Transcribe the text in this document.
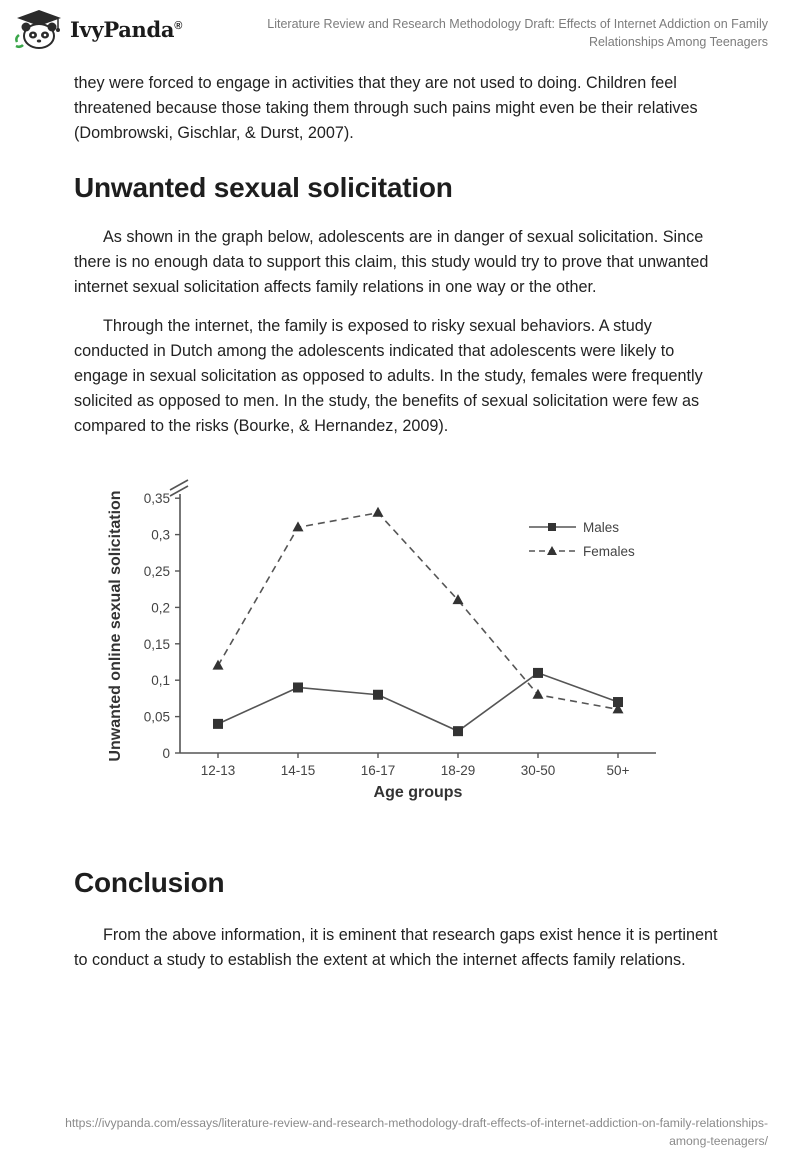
IvyPanda®	Literature Review and Research Methodology Draft: Effects of Internet Addiction on Family Relationships Among Teenagers

they were forced to engage in activities that they are not used to doing. Children feel threatened because those taking them through such pains might even be their relatives (Dombrowski, Gischlar, & Durst, 2007).

Unwanted sexual solicitation

As shown in the graph below, adolescents are in danger of sexual solicitation. Since there is no enough data to support this claim, this study would try to prove that unwanted internet sexual solicitation affects family relations in one way or the other.

Through the internet, the family is exposed to risky sexual behaviors. A study conducted in Dutch among the adolescents indicated that adolescents were likely to engage in sexual solicitation as opposed to adults. In the study, females were frequently solicited as opposed to men. In the study, the benefits of sexual solicitation were few as compared to the risks (Bourke, & Hernandez, 2009).

Conclusion

From the above information, it is eminent that research gaps exist hence it is pertinent to conduct a study to establish the extent at which the internet affects family relations.

Unwanted online sexual solicitation
Age groups
Males
Females
0
0,05
0,1
0,15
0,2
0,25
0,3
0,35
12-13	14-15	16-17	18-29	30-50	50+
https://ivypanda.com/essays/literature-review-and-research-methodology-draft-effects-of-internet-addiction-on-family-relationships-among-teenagers/
